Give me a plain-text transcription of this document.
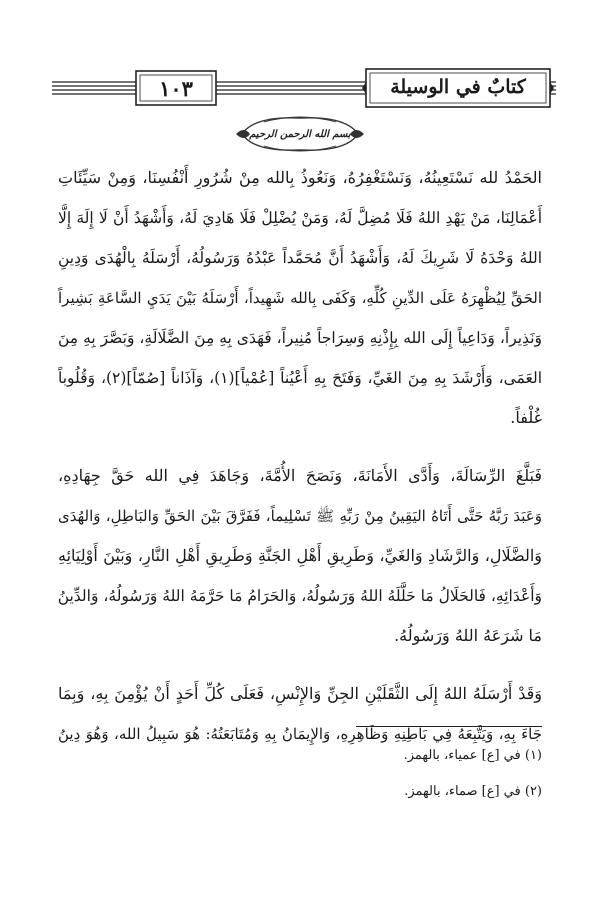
١٠٣	كتابٌ في الوسيلة
بسم الله الرحمن الرحيم
الحَمْدُ لله نَسْتَعِينُهُ، وَنَسْتَغْفِرُهُ، وَنَعُوذُ بِالله مِنْ شُرُورِ أَنْفُسِنَا، وَمِنْ سَيِّئَاتِ
أَعْمَالِنَا، مَنْ يَهْدِ اللهُ فَلَا مُضِلَّ لَهُ، وَمَنْ يُضْلِلْ فَلَا هَادِيَ لَهُ، وَأَشْهَدُ أَنْ لَا إِلَهَ إِلَّا
اللهُ وَحْدَهُ لَا شَرِيكَ لَهُ، وَأَشْهَدُ أَنَّ مُحَمَّداً عَبْدُهُ وَرَسُولُهُ، أَرْسَلَهُ بِالْهُدَى وَدِينِ
الحَقِّ لِيُظْهِرَهُ عَلَى الدِّينِ كُلِّهِ، وَكَفَى بِالله شَهِيداً، أَرْسَلَهُ بَيْنَ يَدَيِ السَّاعَةِ بَشِيراً
وَنَذِيراً، وَدَاعِياً إِلَى الله بِإِذْنِهِ وَسِرَاجاً مُنِيراً، فَهَدَى بِهِ مِنَ الضَّلَالَةِ، وَبَصَّرَ بِهِ مِنَ
العَمَى، وَأَرْشَدَ بِهِ مِنَ الغَيِّ، وَفَتَحَ بِهِ أَعْيُناً [عُمْياً](١)، وَآذَاناً [صُمّاً](٢)، وَقُلُوباً
غُلْفاً.
فَبَلَّغَ الرِّسَالَةَ، وَأَدَّى الأَمَانَةَ، وَنَصَحَ الأُمَّةَ، وَجَاهَدَ فِي الله حَقَّ جِهَادِهِ،
وَعَبَدَ رَبَّهُ حَتَّى أَتَاهُ اليَقِينُ مِنْ رَبِّهِ ﷺ تَسْلِيماً، فَفَرَّقَ بَيْنَ الحَقِّ وَالبَاطِلِ، وَالهُدَى
وَالضَّلَالِ، وَالرَّشَادِ وَالغَيِّ، وَطَرِيقِ أَهْلِ الجَنَّةِ وَطَرِيقِ أَهْلِ النَّارِ، وَبَيْنَ أَوْلِيَائِهِ
وَأَعْدَائِهِ، فَالحَلَالُ مَا حَلَّلَهُ اللهُ وَرَسُولُهُ، وَالحَرَامُ مَا حَرَّمَهُ اللهُ وَرَسُولُهُ، وَالدِّينُ
مَا شَرَعَهُ اللهُ وَرَسُولُهُ.
وَقَدْ أَرْسَلَهُ اللهُ إِلَى الثَّقَلَيْنِ الجِنِّ وَالإِنْسِ، فَعَلَى كُلِّ أَحَدٍ أَنْ يُؤْمِنَ بِهِ، وَبِمَا
جَاءَ بِهِ، وَيَتَّبِعَهُ فِي بَاطِنِهِ وَظَاهِرِهِ، وَالإِيمَانُ بِهِ وَمُتَابَعَتُهُ: هُوَ سَبِيلُ الله، وَهُوَ دِينُ
(١) في [ع] عمياء، بالهمز.
(٢) في [ع] صماء، بالهمز.
